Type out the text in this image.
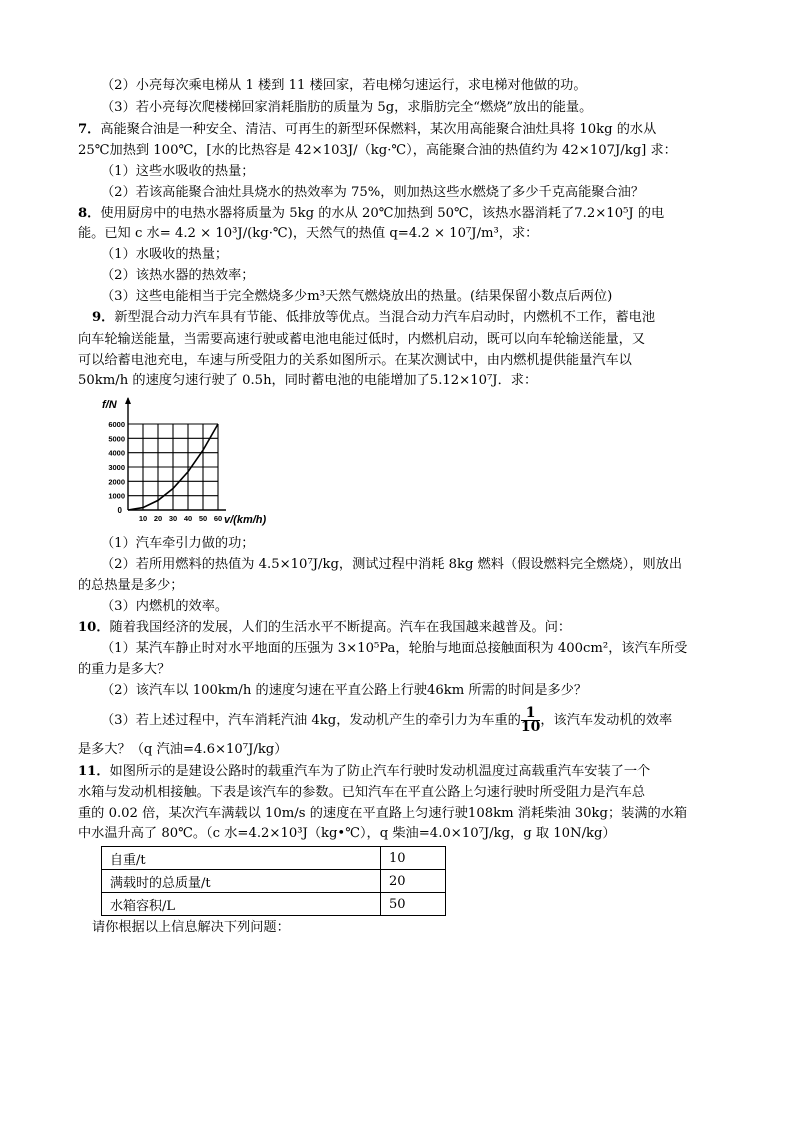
（2）小亮每次乘电梯从 1 楼到 11 楼回家，若电梯匀速运行，求电梯对他做的功。
（3）若小亮每次爬楼梯回家消耗脂肪的质量为 5g，求脂肪完全“燃烧”放出的能量。
7．高能聚合油是一种安全、清洁、可再生的新型环保燃料，某次用高能聚合油灶具将 10kg 的水从
25℃加热到 100℃，[水的比热容是 42×103J/（kg·℃），高能聚合油的热值约为 42×107J/kg] 求：
（1）这些水吸收的热量；
（2）若该高能聚合油灶具烧水的热效率为 75%，则加热这些水燃烧了多少千克高能聚合油？
8．使用厨房中的电热水器将质量为 5kg 的水从 20℃加热到 50℃，该热水器消耗了7.2×10⁵J 的电
能。已知 c 水= 4.2 × 10³J/(kg·℃)，天然气的热值 q=4.2 × 10⁷J/m³，求：
（1）水吸收的热量；
（2）该热水器的热效率；
（3）这些电能相当于完全燃烧多少m³天然气燃烧放出的热量。(结果保留小数点后两位)
9．新型混合动力汽车具有节能、低排放等优点。当混合动力汽车启动时，内燃机不工作，蓄电池
向车轮输送能量，当需要高速行驶或蓄电池电能过低时，内燃机启动，既可以向车轮输送能量，又
可以给蓄电池充电，车速与所受阻力的关系如图所示。在某次测试中，由内燃机提供能量汽车以
50km/h 的速度匀速行驶了 0.5h，同时蓄电池的电能增加了5.12×10⁷J．求：
f/N
v/(km/h)
1000
2000
3000
4000
5000
6000
10 20 30 40 50 60
0
（1）汽车牵引力做的功；
（2）若所用燃料的热值为 4.5×10⁷J/kg，测试过程中消耗 8kg 燃料（假设燃料完全燃烧），则放出
的总热量是多少；
（3）内燃机的效率。
10．随着我国经济的发展，人们的生活水平不断提高。汽车在我国越来越普及。问：
（1）某汽车静止时对水平地面的压强为 3×10⁵Pa，轮胎与地面总接触面积为 400cm²，该汽车所受
的重力是多大？
（2）该汽车以 100km/h 的速度匀速在平直公路上行驶46km 所需的时间是多少？
（3）若上述过程中，汽车消耗汽油 4kg，发动机产生的牵引力为车重的 $\frac{1}{10}$ ，该汽车发动机的效率
是多大？（q 汽油=4.6×10⁷J/kg）
11．如图所示的是建设公路时的载重汽车为了防止汽车行驶时发动机温度过高载重汽车安装了一个
水箱与发动机相接触。下表是该汽车的参数。已知汽车在平直公路上匀速行驶时所受阻力是汽车总
重的 0.02 倍，某次汽车满载以 10m/s 的速度在平直路上匀速行驶108km 消耗柴油 30kg；装满的水箱
中水温升高了 80℃。（c 水=4.2×10³J（kg•℃），q 柴油=4.0×10⁷J/kg，g 取 10N/kg）
自重/t	10
满载时的总质量/t	20
水箱容积/L	50
请你根据以上信息解决下列问题：
